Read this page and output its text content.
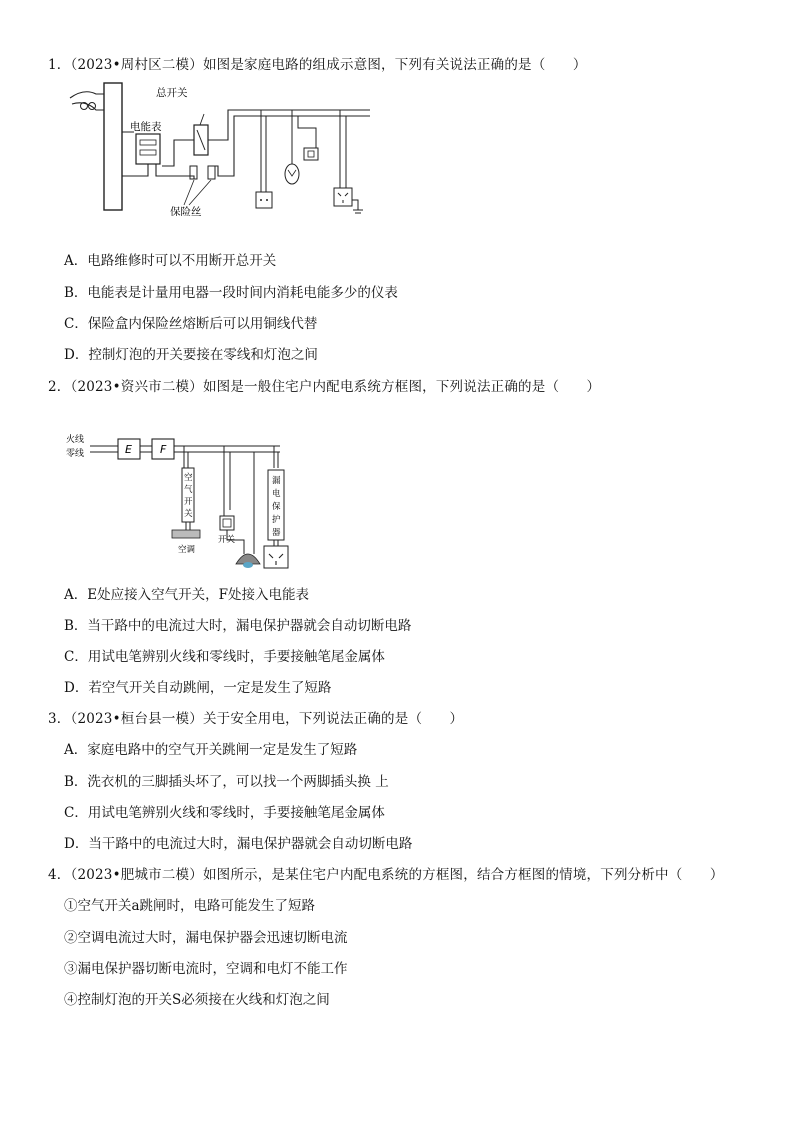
1．（2023•周村区二模）如图是家庭电路的组成示意图，下列有关说法正确的是（　　）
电能表
总开关
保险丝
A．电路维修时可以不用断开总开关
B．电能表是计量用电器一段时间内消耗电能多少的仪表
C．保险盒内保险丝熔断后可以用铜线代替
D．控制灯泡的开关要接在零线和灯泡之间
2．（2023•资兴市二模）如图是一般住宅户内配电系统方框图，下列说法正确的是（　　）
火线
零线	E	F
空
气
开
关
空调
开关
漏
电
保
护
器
A．E处应接入空气开关，F处接入电能表
B．当干路中的电流过大时，漏电保护器就会自动切断电路
C．用试电笔辨别火线和零线时，手要接触笔尾金属体
D．若空气开关自动跳闸，一定是发生了短路
3．（2023•桓台县一模）关于安全用电，下列说法正确的是（　　）
A．家庭电路中的空气开关跳闸一定是发生了短路
B．洗衣机的三脚插头坏了，可以找一个两脚插头换 上
C．用试电笔辨别火线和零线时，手要接触笔尾金属体
D．当干路中的电流过大时，漏电保护器就会自动切断电路
4．（2023•肥城市二模）如图所示，是某住宅户内配电系统的方框图，结合方框图的情境，下列分析中（　　）
①空气开关a跳闸时，电路可能发生了短路
②空调电流过大时，漏电保护器会迅速切断电流
③漏电保护器切断电流时，空调和电灯不能工作
④控制灯泡的开关S必须接在火线和灯泡之间
